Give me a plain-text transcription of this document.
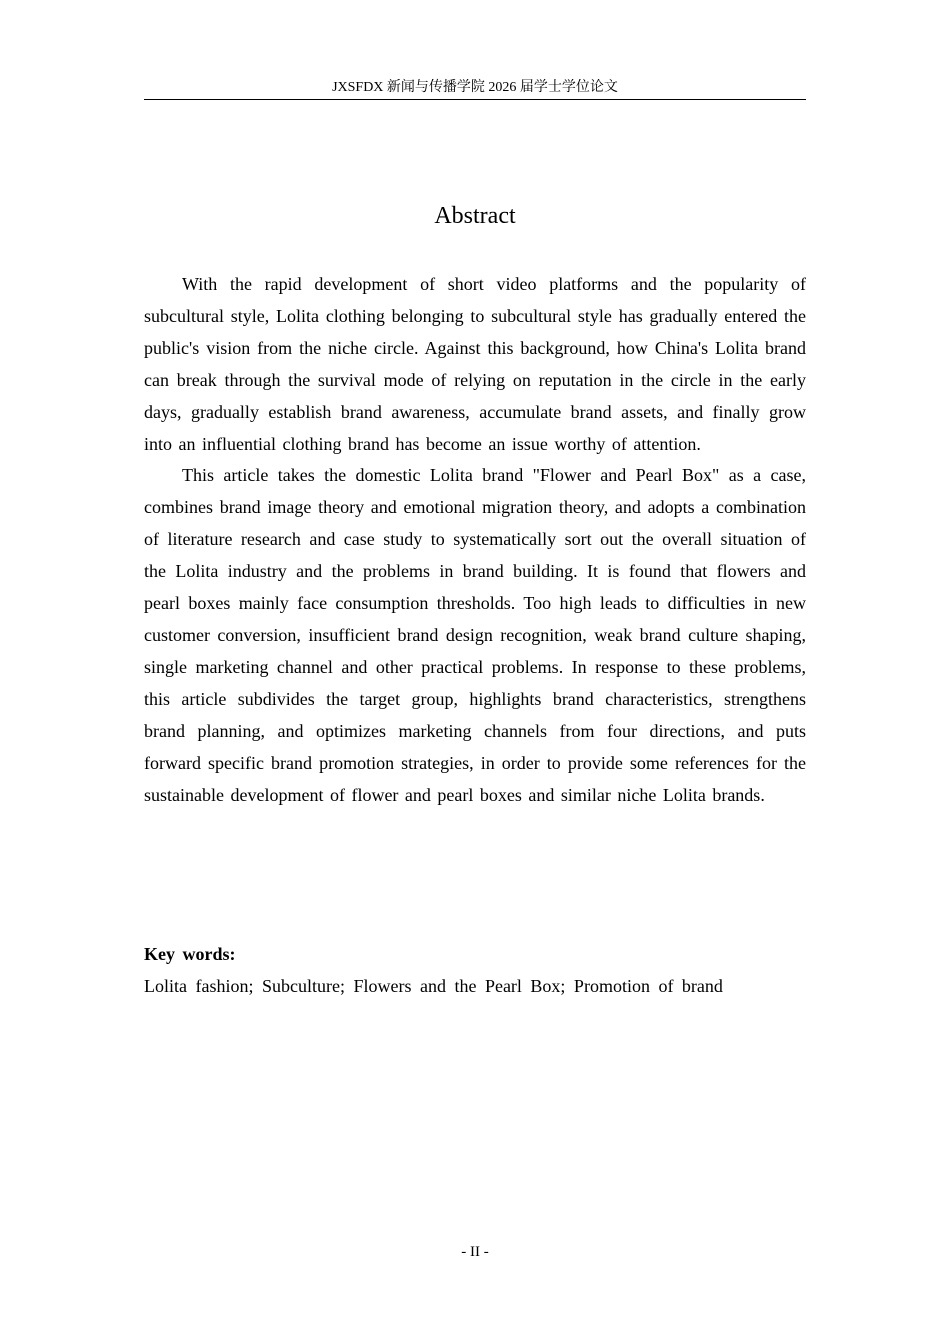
JXSFDX 新闻与传播学院 2026 届学士学位论文
Abstract

With the rapid development of short video platforms and the popularity of subcultural style, Lolita clothing belonging to subcultural style has gradually entered the public's vision from the niche circle. Against this background, how China's Lolita brand can break through the survival mode of relying on reputation in the circle in the early days, gradually establish brand awareness, accumulate brand assets, and finally grow into an influential clothing brand has become an issue worthy of attention.

This article takes the domestic Lolita brand "Flower and Pearl Box" as a case, combines brand image theory and emotional migration theory, and adopts a combination of literature research and case study to systematically sort out the overall situation of the Lolita industry and the problems in brand building. It is found that flowers and pearl boxes mainly face consumption thresholds. Too high leads to difficulties in new customer conversion, insufficient brand design recognition, weak brand culture shaping, single marketing channel and other practical problems. In response to these problems, this article subdivides the target group, highlights brand characteristics, strengthens brand planning, and optimizes marketing channels from four directions, and puts forward specific brand promotion strategies, in order to provide some references for the sustainable development of flower and pearl boxes and similar niche Lolita brands.

Key words:
Lolita fashion; Subculture; Flowers and the Pearl Box; Promotion of brand
- II -
